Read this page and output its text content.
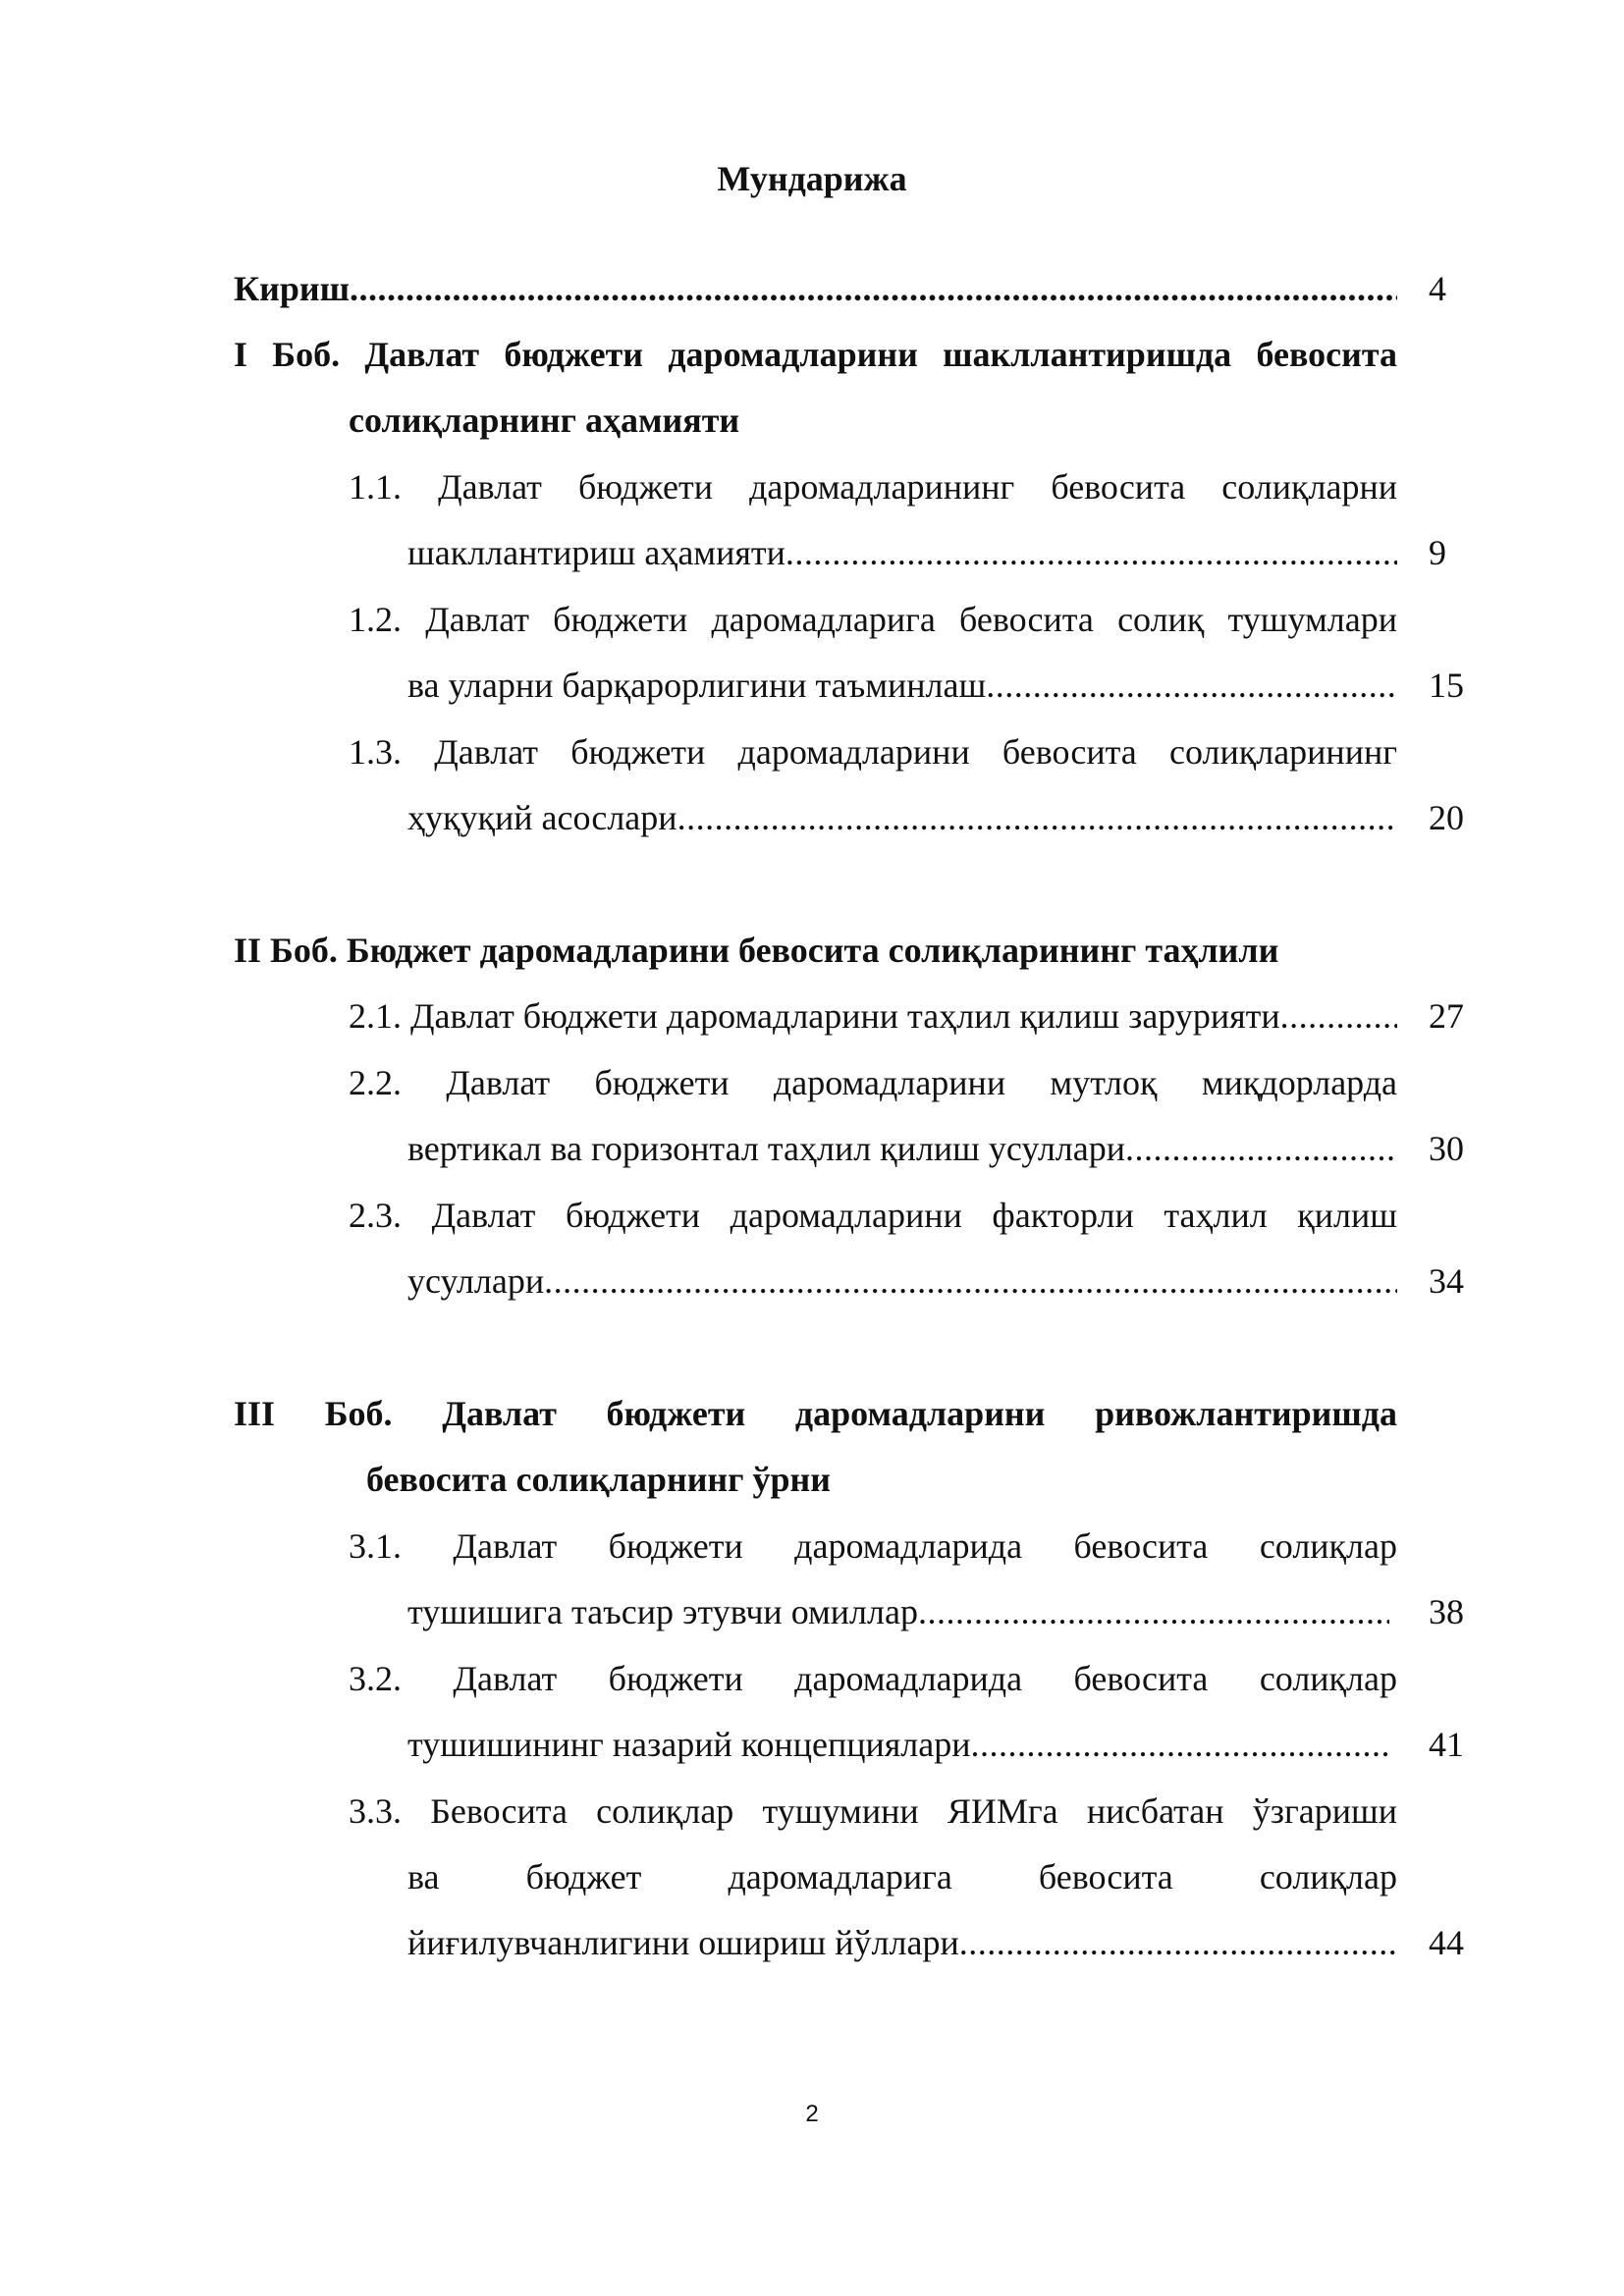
Мундарижа
Кириш .....	4
I Боб. Давлат бюджети даромадларини шакллантиришда бевосита
солиқларнинг аҳамияти
1.1. Давлат бюджети даромадларининг бевосита солиқларни
шакллантириш аҳамияти .....	9
1.2. Давлат бюджети даромадларига бевосита солиқ тушумлари
ва уларни барқарорлигини таъминлаш .....	15
1.3. Давлат бюджети даромадларини бевосита солиқларининг
ҳуқуқий асослари .....	20
II Боб. Бюджет даромадларини бевосита солиқларининг таҳлили
2.1. Давлат бюджети даромадларини таҳлил қилиш зарурияти .....	27
2.2. Давлат бюджети даромадларини мутлоқ миқдорларда
вертикал ва горизонтал таҳлил қилиш усуллари .....	30
2.3. Давлат бюджети даромадларини факторли таҳлил қилиш
усуллари .....	34
III Боб. Давлат бюджети даромадларини ривожлантиришда
бевосита солиқларнинг ўрни
3.1. Давлат бюджети даромадларида бевосита солиқлар
тушишига таъсир этувчи омиллар .....	38
3.2. Давлат бюджети даромадларида бевосита солиқлар
тушишининг назарий концепциялари .....	41
3.3. Бевосита солиқлар тушумини ЯИМга нисбатан ўзгариши
ва бюджет даромадларига бевосита солиқлар
йиғилувчанлигини ошириш йўллари .....	44
2
